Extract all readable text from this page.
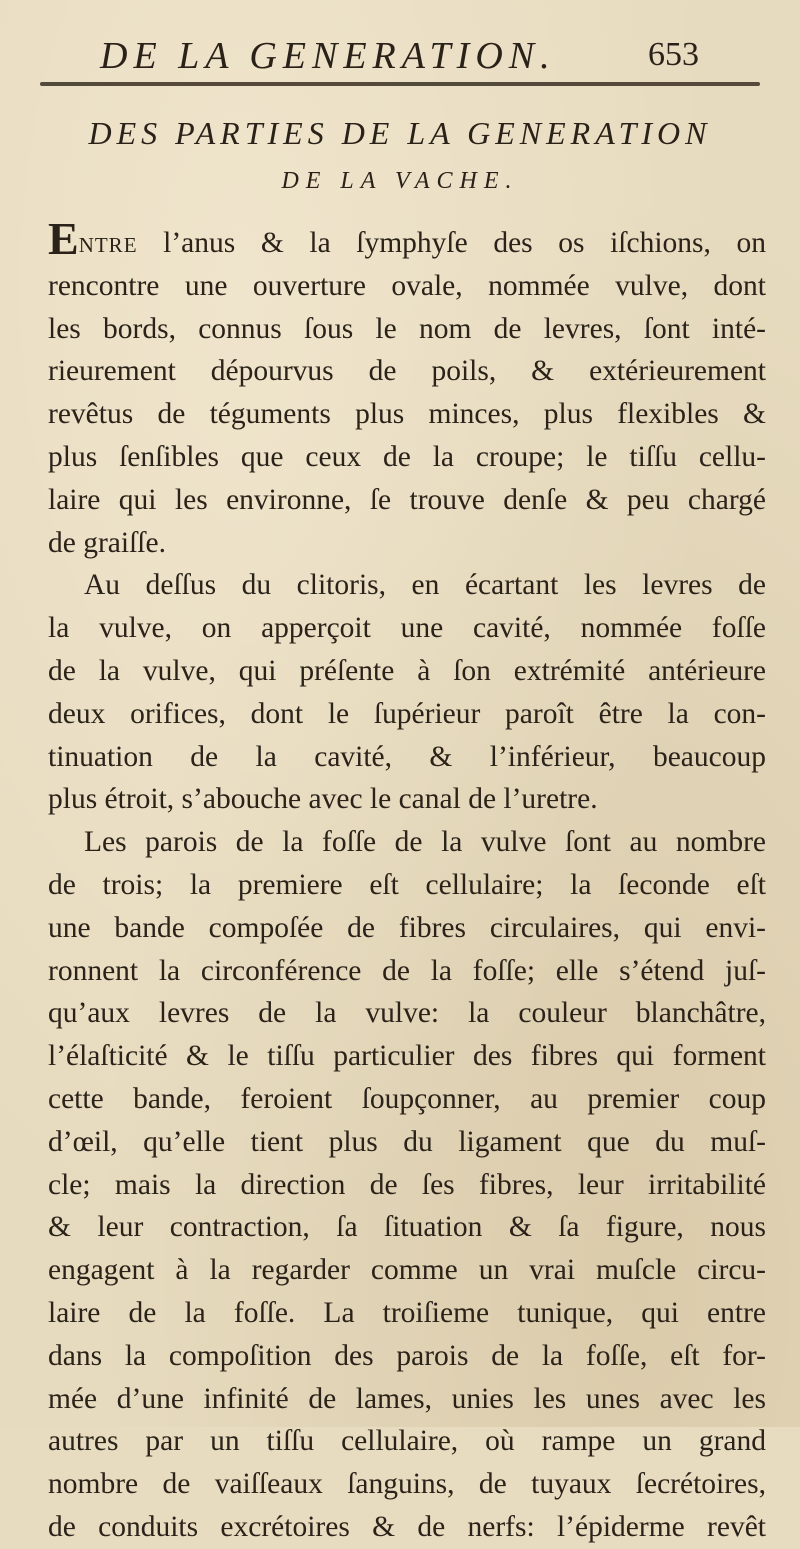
DE LA GENERATION.	653
DES PARTIES DE LA GENERATION
DE LA VACHE.
Entre l’anus & la ſymphyſe des os iſchions, on
rencontre une ouverture ovale, nommée vulve, dont
les bords, connus ſous le nom de levres, ſont inté-
rieurement dépourvus de poils, & extérieurement
revêtus de téguments plus minces, plus flexibles &
plus ſenſibles que ceux de la croupe; le tiſſu cellu-
laire qui les environne, ſe trouve denſe & peu chargé
de graiſſe.
Au deſſus du clitoris, en écartant les levres de
la vulve, on apperçoit une cavité, nommée foſſe
de la vulve, qui préſente à ſon extrémité antérieure
deux orifices, dont le ſupérieur paroît être la con-
tinuation de la cavité, & l’inférieur, beaucoup
plus étroit, s’abouche avec le canal de l’uretre.
Les parois de la foſſe de la vulve ſont au nombre
de trois; la premiere eſt cellulaire; la ſeconde eſt
une bande compoſée de fibres circulaires, qui envi-
ronnent la circonférence de la foſſe; elle s’étend juſ-
qu’aux levres de la vulve: la couleur blanchâtre,
l’élaſticité & le tiſſu particulier des fibres qui forment
cette bande, feroient ſoupçonner, au premier coup
d’œil, qu’elle tient plus du ligament que du muſ-
cle; mais la direction de ſes fibres, leur irritabilité
& leur contraction, ſa ſituation & ſa figure, nous
engagent à la regarder comme un vrai muſcle circu-
laire de la foſſe. La troiſieme tunique, qui entre
dans la compoſition des parois de la foſſe, eſt for-
mée d’une infinité de lames, unies les unes avec les
autres par un tiſſu cellulaire, où rampe un grand
nombre de vaiſſeaux ſanguins, de tuyaux ſecrétoires,
de conduits excrétoires & de nerfs: l’épiderme revêt
